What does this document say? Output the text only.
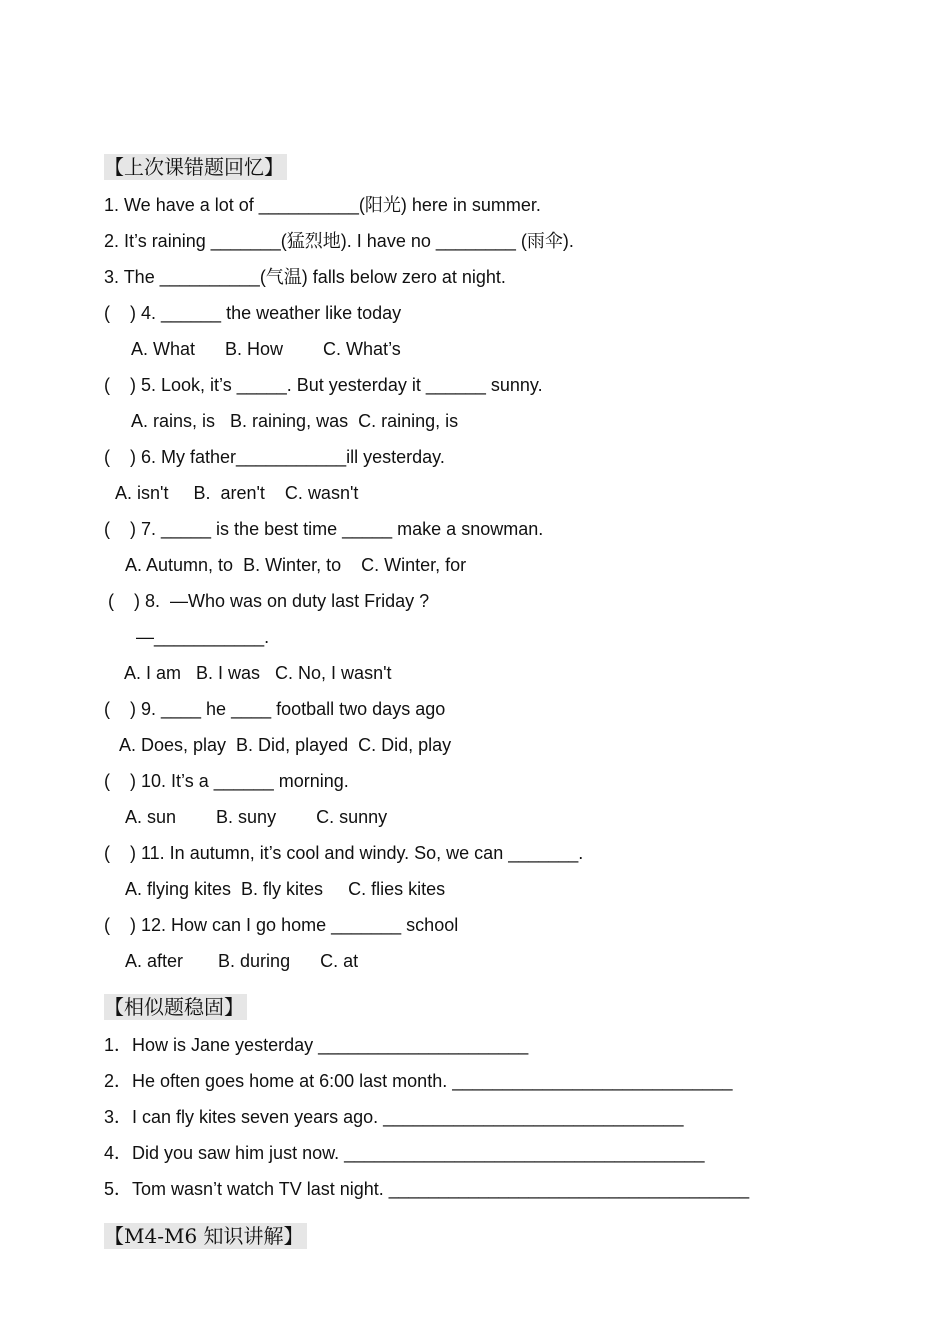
【上次课错题回忆】
1. We have a lot of __________(阳光) here in summer.
2. It’s raining _______(猛烈地). I have no ________ (雨伞).
3. The __________(气温) falls below zero at night.
(    ) 4. ______ the weather like today
A. What      B. How        C. What’s
(    ) 5. Look, it’s _____. But yesterday it ______ sunny.
A. rains, is   B. raining, was  C. raining, is
(    ) 6. My father___________ill yesterday.
A. isn't     B.  aren't    C. wasn't
(    ) 7. _____ is the best time _____ make a snowman.
A. Autumn, to  B. Winter, to    C. Winter, for
(    ) 8.  —Who was on duty last Friday ?
—___________.
A. I am   B. I was   C. No, I wasn't
(    ) 9. ____ he ____ football two days ago
A. Does, play  B. Did, played  C. Did, play
(    ) 10. It’s a ______ morning.
A. sun        B. suny        C. sunny
(    ) 11. In autumn, it’s cool and windy. So, we can _______.
A. flying kites  B. fly kites     C. flies kites
(    ) 12. How can I go home _______ school
A. after       B. during      C. at
【相似题稳固】
1．How is Jane yesterday _____________________
2．He often goes home at 6:00 last month. ____________________________
3．I can fly kites seven years ago. ______________________________
4．Did you saw him just now. ____________________________________
5．Tom wasn’t watch TV last night. ____________________________________
【M4-M6 知识讲解】
